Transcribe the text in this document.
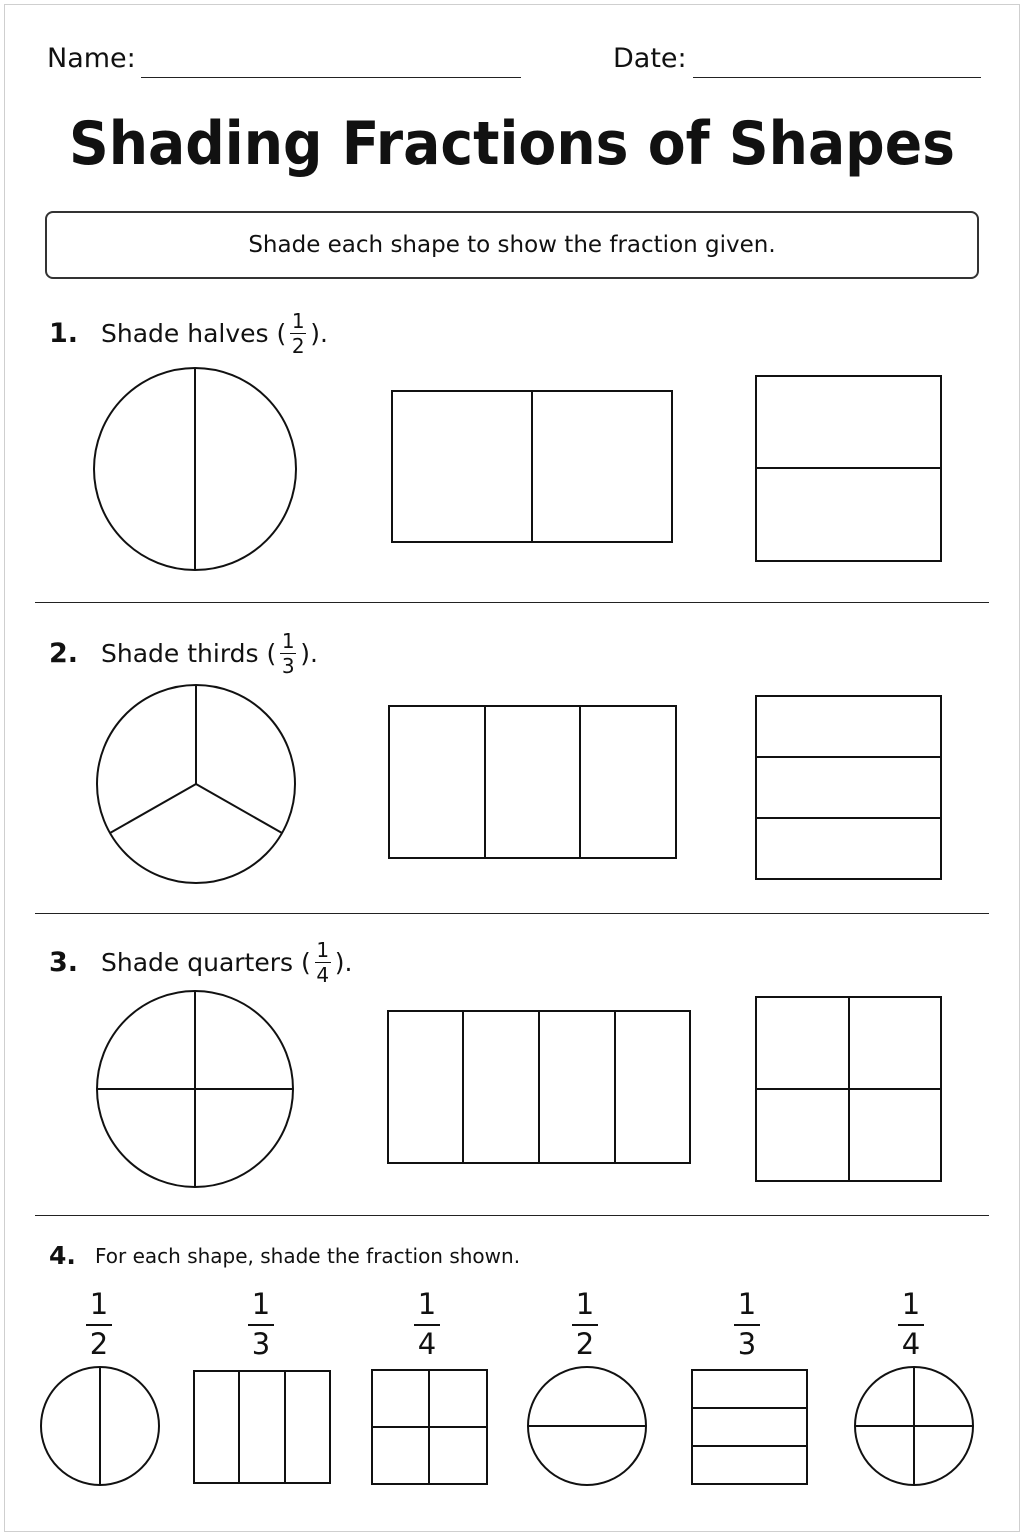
Name:	Date:
Shading Fractions of Shapes
Shade each shape to show the fraction given.
1. Shade halves ( $\frac{1}{2}$ ).
2. Shade thirds ( $\frac{1}{3}$ ).
3. Shade quarters ( $\frac{1}{4}$ ).
4. For each shape, shade the fraction shown.
1
2
1
3
1
4
1
2
1
3
1
4
